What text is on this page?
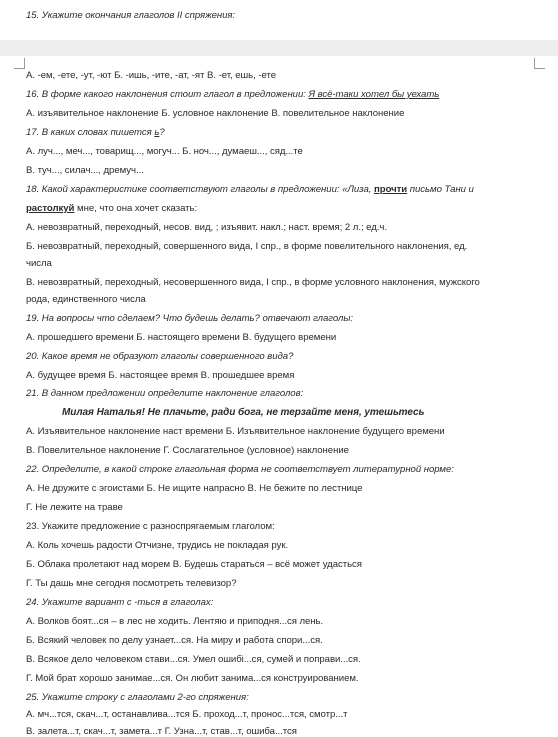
15. Укажите окончания глаголов II спряжения:
А. -ем, -ете, -ут, -ют Б. -ишь, -ите, -ат, -ят В. -ет, ешь, -ете
16. В форме какого наклонения стоит глагол в предложении: Я всё-таки хотел бы уехать
А. изъявительное наклонение Б. условное наклонение В. повелительное наклонение
17. В каких словах пишется ь?
А. луч..., меч..., товарищ..., могуч... Б. ноч..., думаеш..., сяд...те
В. туч..., силач..., дремуч...
18. Какой характеристике соответствуют глаголы в предложении: «Лиза, прочти письмо Тани и
растолкуй мне, что она хочет сказать:
А. невозвратный, переходный, несов. вид, ; изъявит. накл.; наст. время; 2 л.; ед.ч.
Б. невозвратный, переходный, совершенного вида, I спр., в форме повелительного наклонения, ед.
числа
В. невозвратный, переходный, несовершенного вида, I спр., в форме условного наклонения, мужского
рода, единственного числа
19. На вопросы что сделаем? Что будешь делать? отвечают глаголы:
А. прошедшего времени Б. настоящего времени В. будущего времени
20. Какое время не образуют глаголы совершенного вида?
А. будущее время Б. настоящее время В. прошедшее время
21. В данном предложении определите наклонение глаголов:
Милая Наталья! Не плачьте, ради бога, не терзайте меня, утешьтесь
А. Изъявительное наклонение наст времени Б. Изъявительное наклонение будущего времени
В. Повелительное наклонение Г. Сослагательное (условное) наклонение
22. Определите, в какой строке глагольная форма не соответствует литературной норме:
А. Не дружите с эгоистами Б. Не ищите напрасно В. Не бежите по лестнице
Г. Не лежите на траве
23. Укажите предложение с разноспрягаемым глаголом:
А. Коль хочешь радости Отчизне, трудись не покладая рук.
Б. Облака пролетают над морем В. Будешь стараться – всё может удасться
Г. Ты дашь мне сегодня посмотреть телевизор?
24. Укажите вариант с -ться в глаголах:
А. Волков боят...ся – в лес не ходить. Лентяю и приподня...ся лень.
Б. Всякий человек по делу узнает...ся. На миру и работа спори...ся.
В. Всякое дело человеком стави...ся. Умел ошибi...ся, сумей и поправи...ся.
Г. Мой брат хорошо занимае...ся. Он любит занима...ся конструированием.
25. Укажите строку с глаголами 2-го спряжения:
А. мч...тся, скач...т, останавлива...тся Б. проход...т, пронос...тся, смотр...т
В. залета...т, скач...т, замета...т Г. Узна...т, став...т, ошиба...тся
